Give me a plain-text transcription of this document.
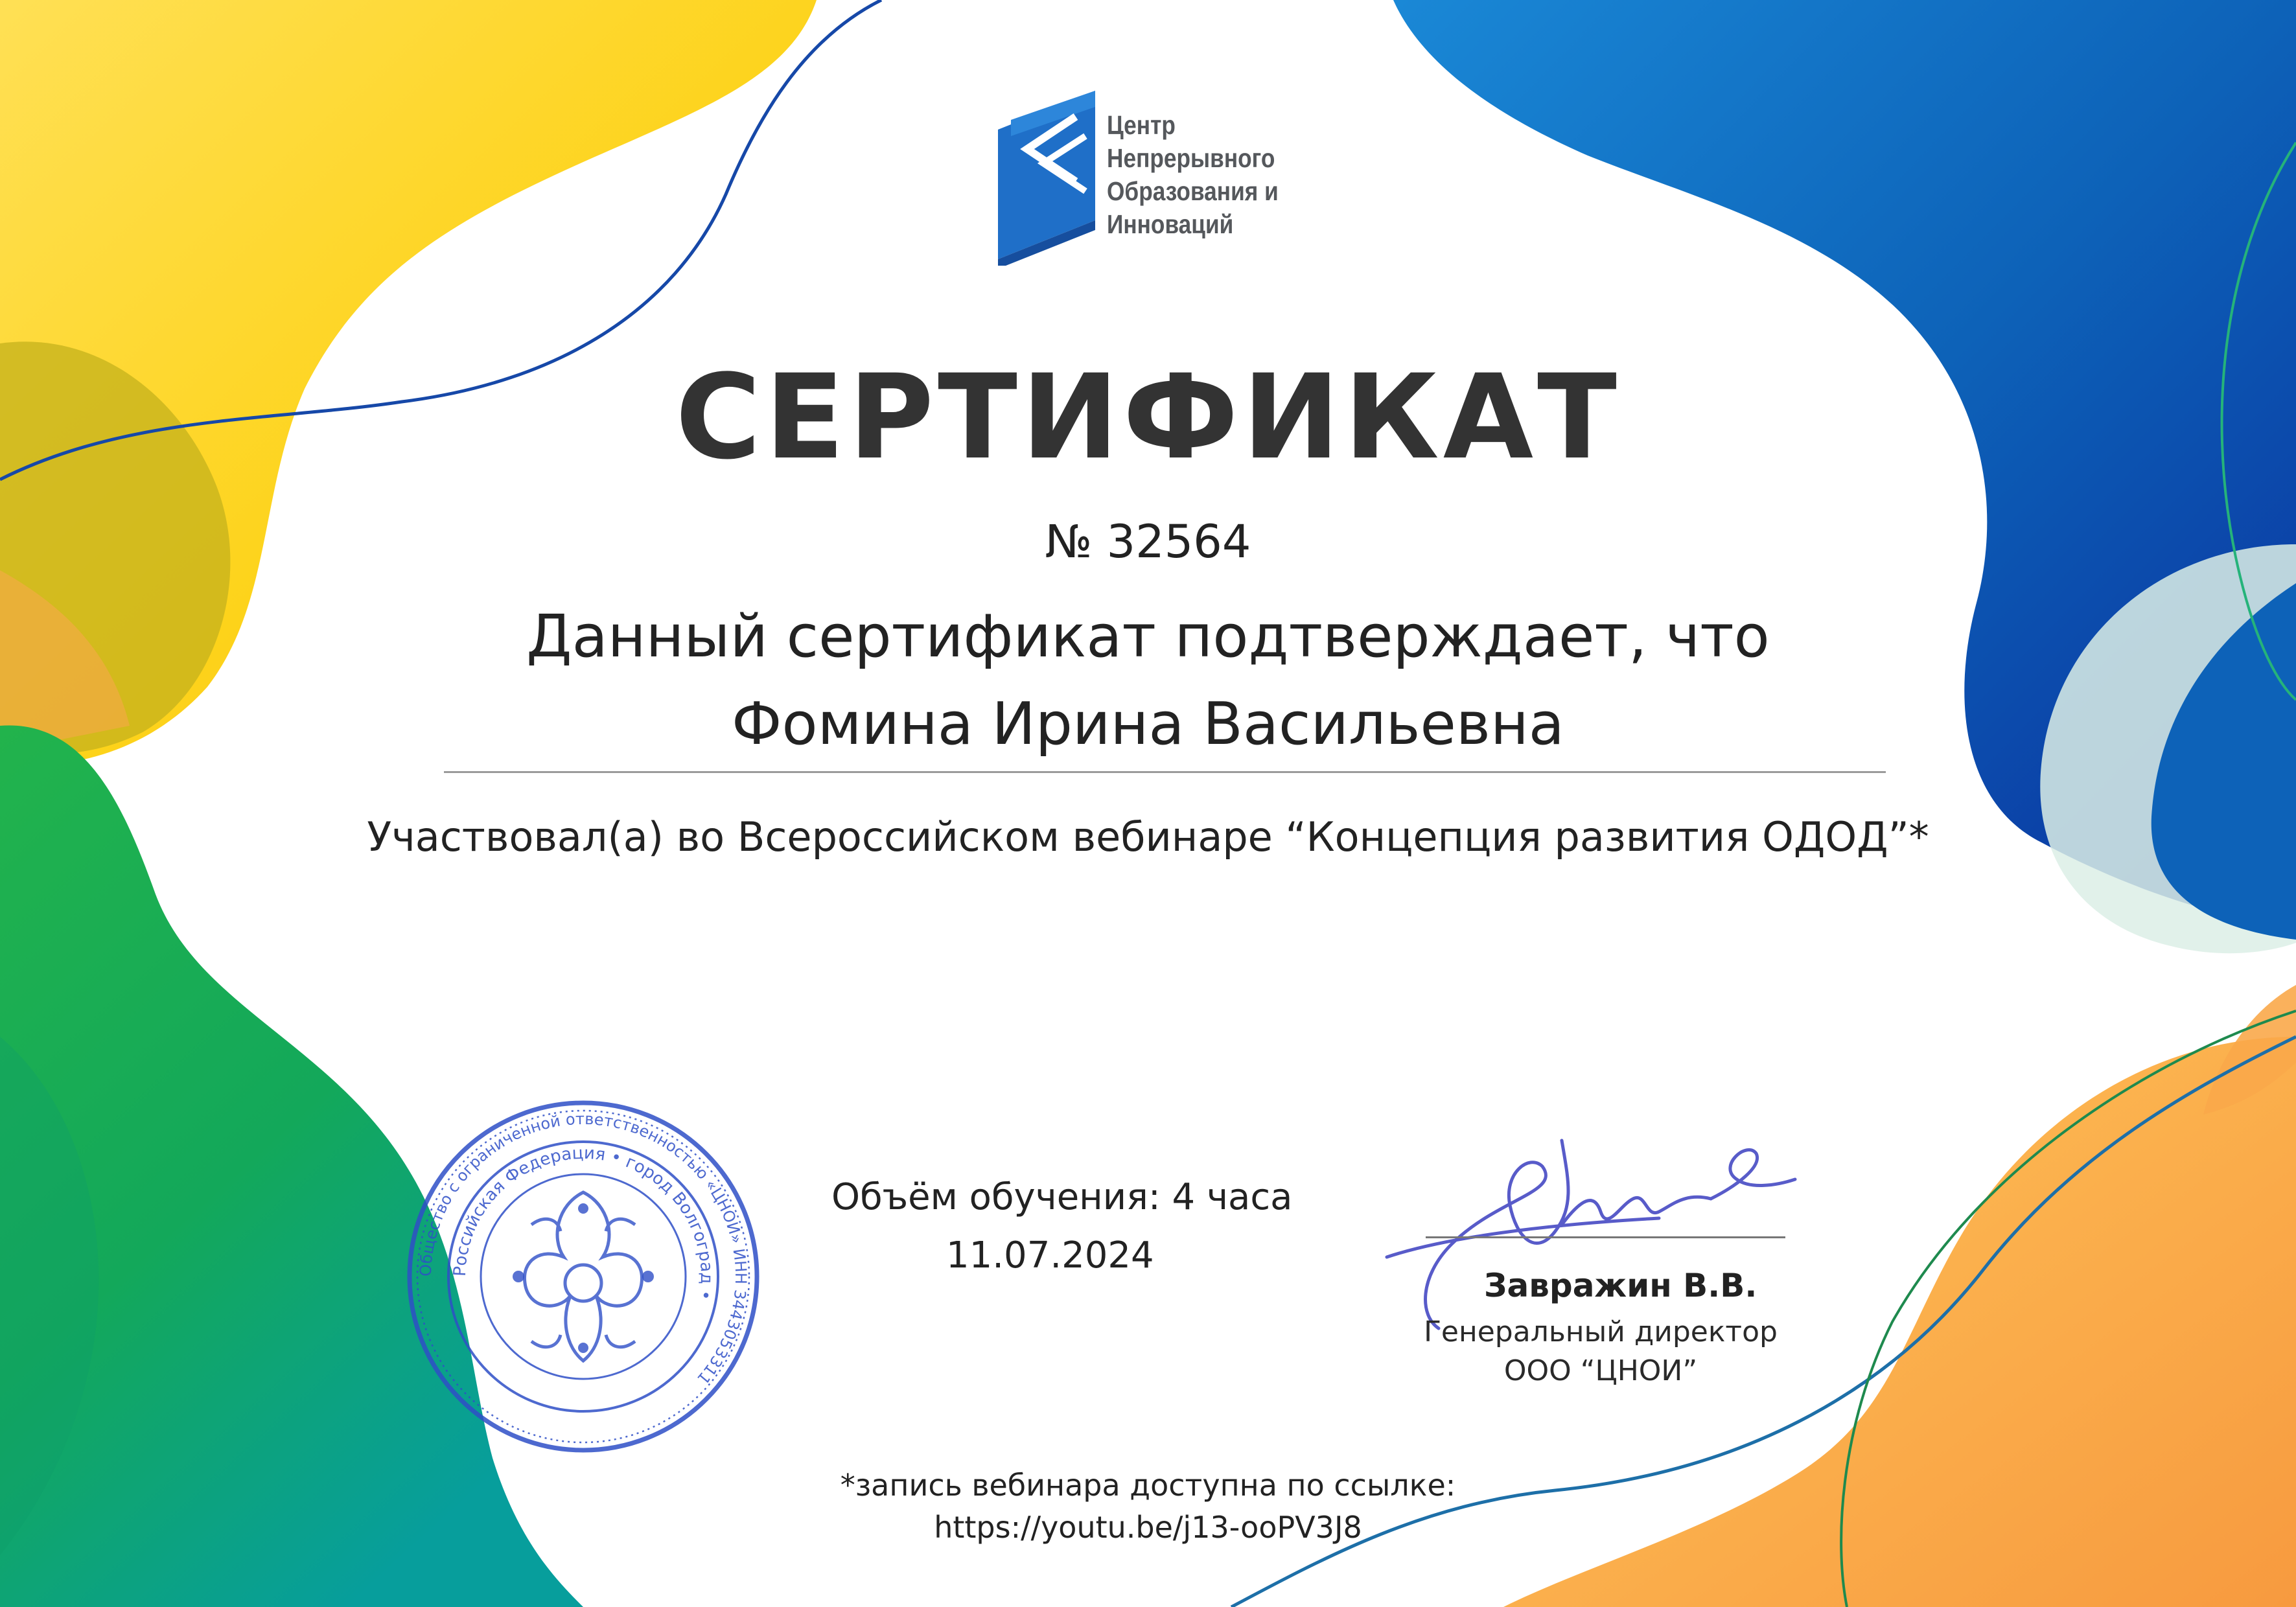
Центр
Непрерывного
Образования и
Инноваций
СЕРТИФИКАТ
№ 32564
Данный сертификат подтверждает, что
Фомина Ирина Васильевна
Участвовал(а) во Всероссийском вебинаре “Концепция развития ОДОД”*
Объём обучения: 4 часа
11.07.2024
Общество с ограниченной ответственностью «ЦНОИ» ИНН 3443053311
Российская Федерация • город Волгоград •	Завражин В.В.
Генеральный директор
ООО “ЦНОИ”
*запись вебинара доступна по ссылке:
https://youtu.be/j13-ooPV3J8
